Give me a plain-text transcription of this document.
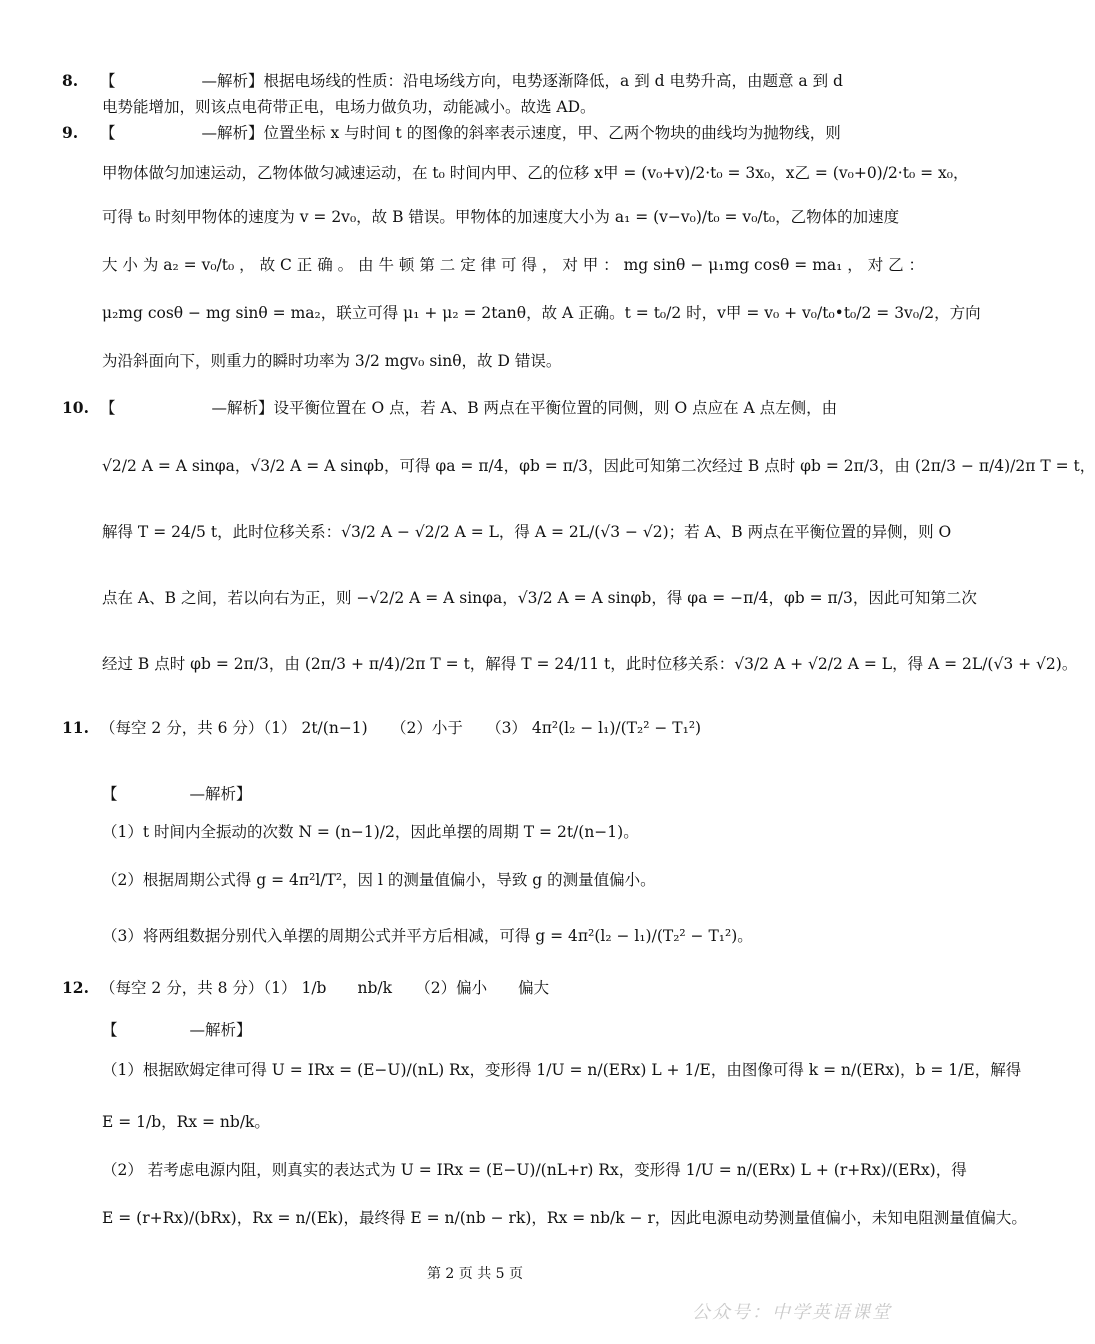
8. 【	—解析】根据电场线的性质：沿电场线方向，电势逐渐降低，a 到 d 电势升高，由题意 a 到 d
电势能增加，则该点电荷带正电，电场力做负功，动能减小。故选 AD。
9. 【	—解析】位置坐标 x 与时间 t 的图像的斜率表示速度，甲、乙两个物块的曲线均为抛物线，则
甲物体做匀加速运动，乙物体做匀减速运动，在 t₀ 时间内甲、乙的位移 x甲 = (v₀+v)/2·t₀ = 3x₀，x乙 = (v₀+0)/2·t₀ = x₀，
可得 t₀ 时刻甲物体的速度为 v = 2v₀，故 B 错误。甲物体的加速度大小为 a₁ = (v−v₀)/t₀ = v₀/t₀，乙物体的加速度
大 小 为 a₂ = v₀/t₀ ， 故 C 正 确 。 由 牛 顿 第 二 定 律 可 得 ， 对 甲 ： mg sinθ − μ₁mg cosθ = ma₁ ， 对 乙 ：
μ₂mg cosθ − mg sinθ = ma₂，联立可得 μ₁ + μ₂ = 2tanθ，故 A 正确。t = t₀/2 时，v甲 = v₀ + v₀/t₀•t₀/2 = 3v₀/2，方向
为沿斜面向下，则重力的瞬时功率为 3/2 mgv₀ sinθ，故 D 错误。
10. 【	—解析】设平衡位置在 O 点，若 A、B 两点在平衡位置的同侧，则 O 点应在 A 点左侧，由
√2/2 A = A sinφa，√3/2 A = A sinφb，可得 φa = π/4，φb = π/3，因此可知第二次经过 B 点时 φb = 2π/3，由 (2π/3 − π/4)/2π T = t，
解得 T = 24/5 t，此时位移关系：√3/2 A − √2/2 A = L，得 A = 2L/(√3 − √2)；若 A、B 两点在平衡位置的异侧，则 O
点在 A、B 之间，若以向右为正，则 −√2/2 A = A sinφa，√3/2 A = A sinφb，得 φa = −π/4，φb = π/3，因此可知第二次
经过 B 点时 φb = 2π/3，由 (2π/3 + π/4)/2π T = t，解得 T = 24/11 t，此时位移关系：√3/2 A + √2/2 A = L，得 A = 2L/(√3 + √2)。
11. （每空 2 分，共 6 分）（1） 2t/(n−1)　　（2）小于　　（3） 4π²(l₂ − l₁)/(T₂² − T₁²)
【	—解析】
（1）t 时间内全振动的次数 N = (n−1)/2，因此单摆的周期 T = 2t/(n−1)。
（2）根据周期公式得 g = 4π²l/T²，因 l 的测量值偏小，导致 g 的测量值偏小。
（3）将两组数据分别代入单摆的周期公式并平方后相减，可得 g = 4π²(l₂ − l₁)/(T₂² − T₁²)。
12. （每空 2 分，共 8 分）（1） 1/b　　nb/k　　（2）偏小　　偏大
【	—解析】
（1）根据欧姆定律可得 U = IRx = (E−U)/(nL) Rx，变形得 1/U = n/(ERx) L + 1/E，由图像可得 k = n/(ERx)，b = 1/E，解得
E = 1/b，Rx = nb/k。
（2） 若考虑电源内阻，则真实的表达式为 U = IRx = (E−U)/(nL+r) Rx，变形得 1/U = n/(ERx) L + (r+Rx)/(ERx)，得
E = (r+Rx)/(bRx)，Rx = n/(Ek)，最终得 E = n/(nb − rk)，Rx = nb/k − r，因此电源电动势测量值偏小，未知电阻测量值偏大。
第 2 页 共 5 页
公众号：中学英语课堂
